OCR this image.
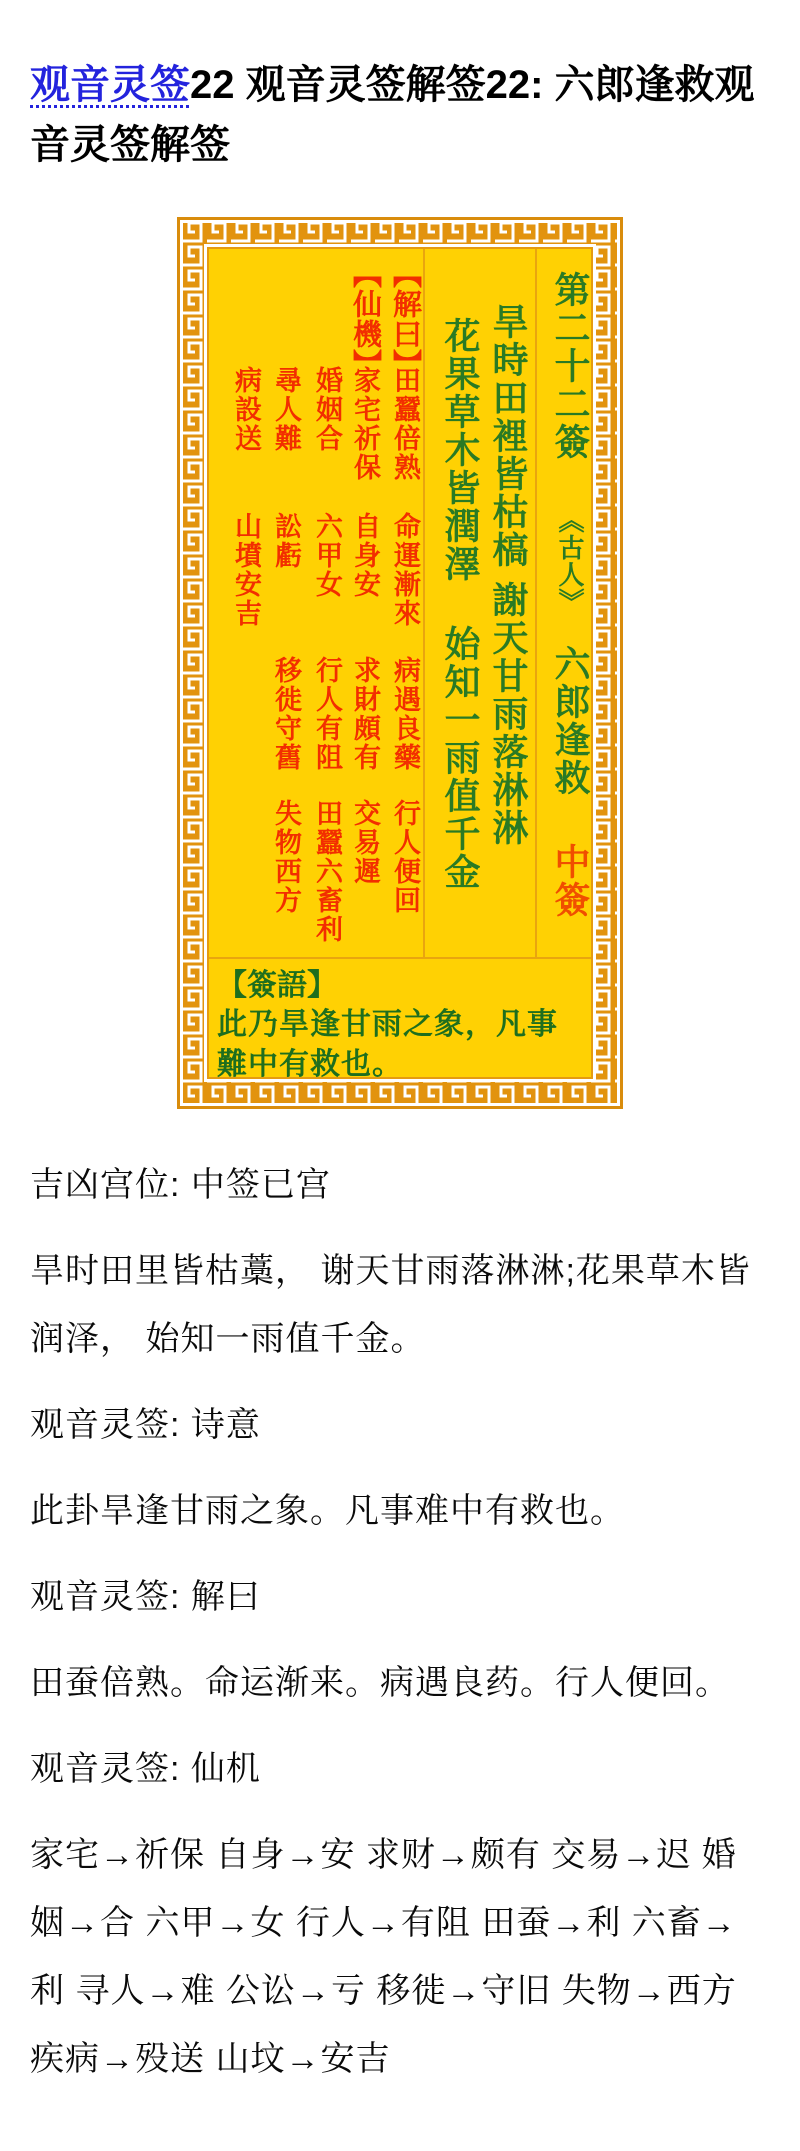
观音灵签22 观音灵签解签22: 六郎逢救观音灵签解签
第二十二簽
《古人》
六郎逢救
中簽
旱時田裡皆枯槁
謝天甘雨落淋淋
花果草木皆潤澤
始知一雨值千金
【解曰】
【仙機】
田蠶倍熟
命運漸來
病遇良藥
行人便回
家宅祈保
自身安
求財頗有
交易遲
婚姻合
六甲女
行人有阻
田蠶六畜利
尋人難
訟虧
移徙守舊
失物西方
病設送
山墳安吉
【簽語】
此乃旱逢甘雨之象，凡事難中有救也。

吉凶宫位: 中签已宫

旱时田里皆枯藁， 谢天甘雨落淋淋;花果草木皆润泽， 始知一雨值千金。

观音灵签: 诗意

此卦旱逢甘雨之象。凡事难中有救也。

观音灵签: 解曰

田蚕倍熟。命运渐来。病遇良药。行人便回。

观音灵签: 仙机

家宅→祈保 自身→安 求财→颇有 交易→迟 婚姻→合 六甲→女 行人→有阻 田蚕→利 六畜→利 寻人→难 公讼→亏 移徙→守旧 失物→西方 疾病→殁送 山坟→安吉
